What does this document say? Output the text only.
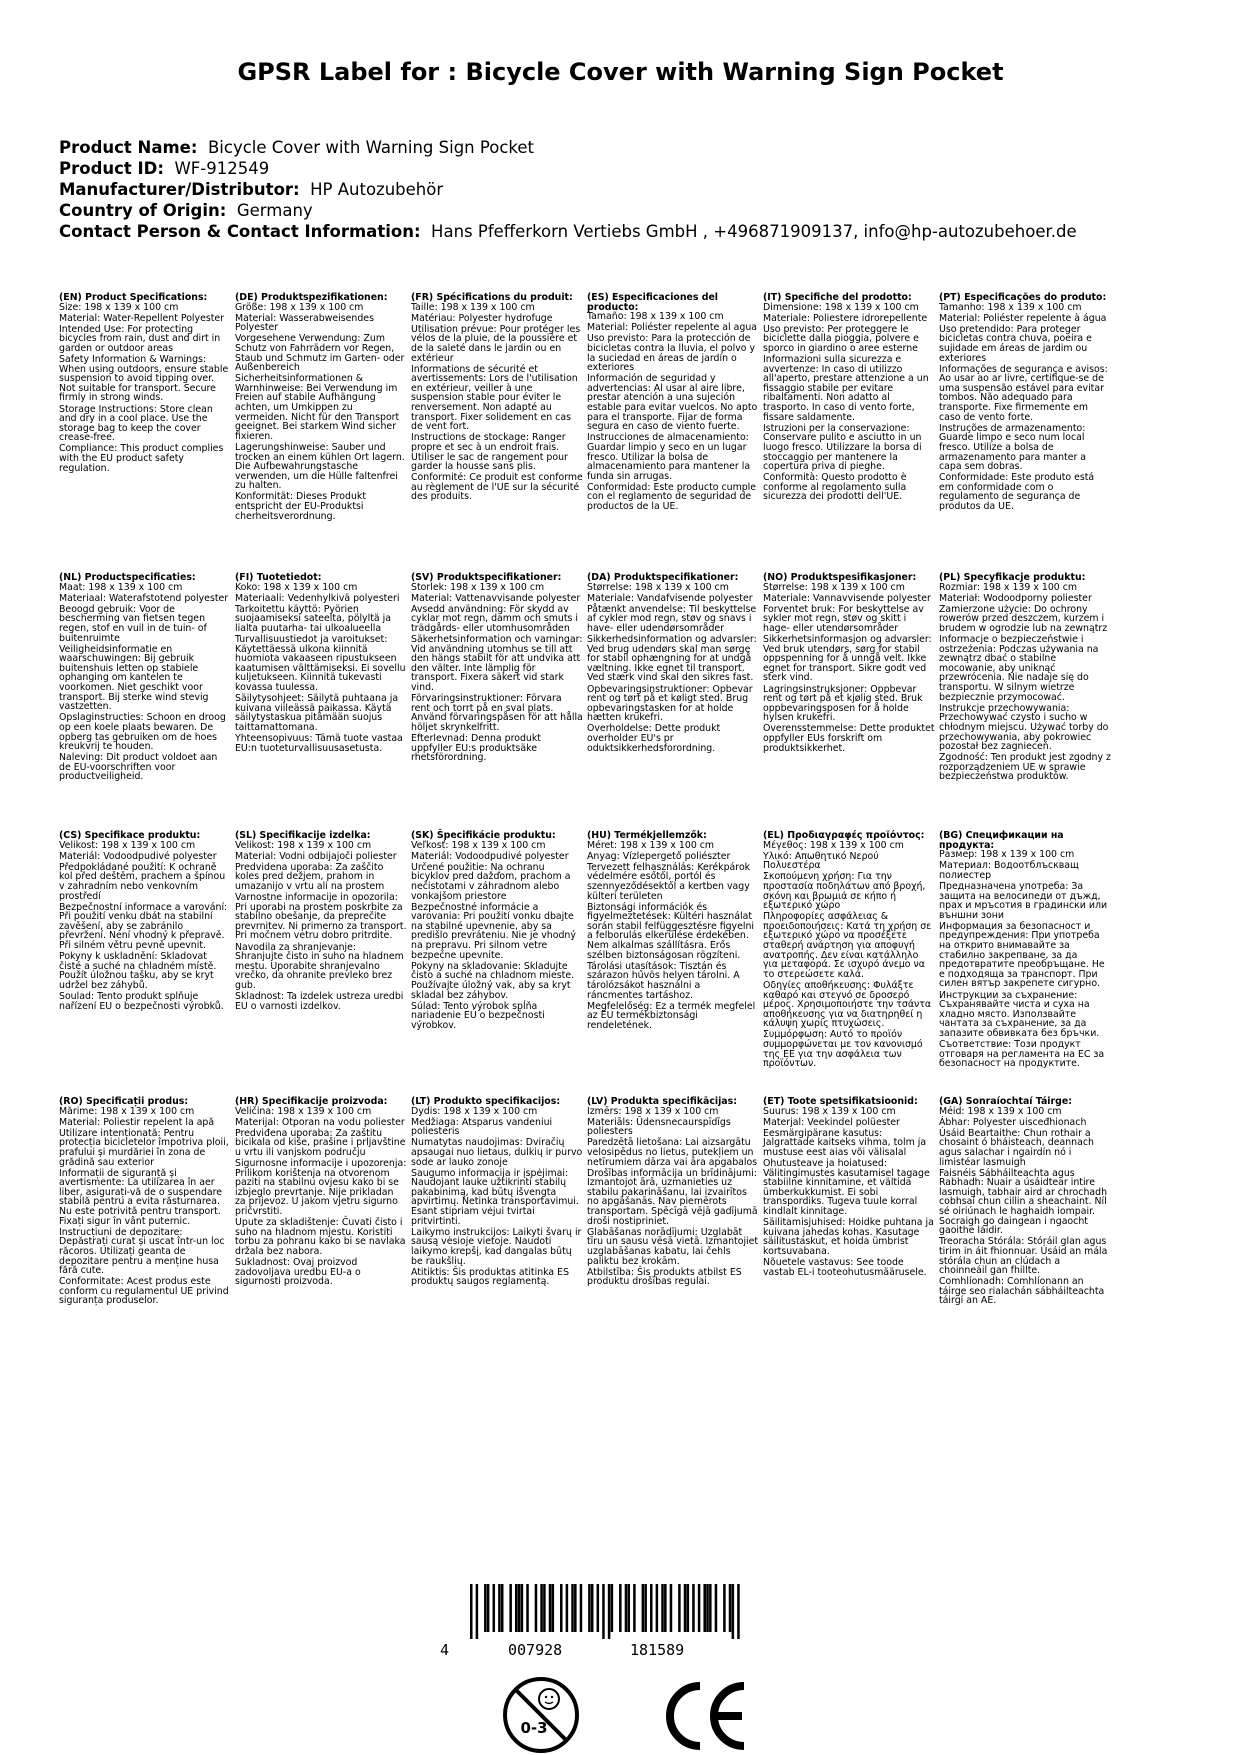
GPSR Label for : Bicycle Cover with Warning Sign Pocket
Product Name: Bicycle Cover with Warning Sign Pocket
Product ID: WF-912549
Manufacturer/Distributor: HP Autozubehör
Country of Origin: Germany
Contact Person & Contact Information: Hans Pfefferkorn Vertiebs GmbH , +496871909137, info@hp-autozubehoer.de
(EN) Product Specifications:

Size: 198 x 139 x 100 cm

Material: Water-Repellent Polyester

Intended Use: For protecting bicycles from rain, dust and dirt in garden or outdoor areas

Safety Information & Warnings: When using outdoors, ensure stable suspension to avoid tipping over. Not suitable for transport. Secure firmly in strong winds.

Storage Instructions: Store clean and dry in a cool place. Use the storage bag to keep the cover crease-free.

Compliance: This product complies with the EU product safety regulation.

(DE) Produktspezifikationen:

Größe: 198 x 139 x 100 cm

Material: Wasserabweisendes Polyester

Vorgesehene Verwendung: Zum Schutz von Fahrrädern vor Regen, Staub und Schmutz im Garten- oder Außenbereich

Sicherheitsinformationen & Warnhinweise: Bei Verwendung im Freien auf stabile Aufhängung achten, um Umkippen zu vermeiden. Nicht für den Transport geeignet. Bei starkem Wind sicher fixieren.

Lagerungshinweise: Sauber und trocken an einem kühlen Ort lagern. Die Aufbewahrungstasche verwenden, um die Hülle faltenfrei zu halten.

Konformität: Dieses Produkt entspricht der EU-Produktsi cherheitsverordnung.

(FR) Spécifications du produit:

Taille: 198 x 139 x 100 cm

Matériau: Polyester hydrofuge

Utilisation prévue: Pour protéger les vélos de la pluie, de la poussière et de la saleté dans le jardin ou en extérieur

Informations de sécurité et avertissements: Lors de l'utilisation en extérieur, veiller à une suspension stable pour éviter le renversement. Non adapté au transport. Fixer solidement en cas de vent fort.

Instructions de stockage: Ranger propre et sec à un endroit frais. Utiliser le sac de rangement pour garder la housse sans plis.

Conformité: Ce produit est conforme au règlement de l'UE sur la sécurité des produits.

(ES) Especificaciones del producto:

Tamaño: 198 x 139 x 100 cm

Material: Poliéster repelente al agua

Uso previsto: Para la protección de bicicletas contra la lluvia, el polvo y la suciedad en áreas de jardín o exteriores

Información de seguridad y advertencias: Al usar al aire libre, prestar atención a una sujeción estable para evitar vuelcos. No apto para el transporte. Fijar de forma segura en caso de viento fuerte.

Instrucciones de almacenamiento: Guardar limpio y seco en un lugar fresco. Utilizar la bolsa de almacenamiento para mantener la funda sin arrugas.

Conformidad: Este producto cumple con el reglamento de seguridad de productos de la UE.

(IT) Specifiche del prodotto:

Dimensione: 198 x 139 x 100 cm

Materiale: Poliestere idrorepellente

Uso previsto: Per proteggere le biciclette dalla pioggia, polvere e sporco in giardino o aree esterne

Informazioni sulla sicurezza e avvertenze: In caso di utilizzo all'aperto, prestare attenzione a un fissaggio stabile per evitare ribaltamenti. Non adatto al trasporto. In caso di vento forte, fissare saldamente.

Istruzioni per la conservazione: Conservare pulito e asciutto in un luogo fresco. Utilizzare la borsa di stoccaggio per mantenere la copertura priva di pieghe.

Conformità: Questo prodotto è conforme al regolamento sulla sicurezza dei prodotti dell'UE.

(PT) Especificações do produto:

Tamanho: 198 x 139 x 100 cm

Material: Poliéster repelente à água

Uso pretendido: Para proteger bicicletas contra chuva, poeira e sujidade em áreas de jardim ou exteriores

Informações de segurança e avisos: Ao usar ao ar livre, certifique-se de uma suspensão estável para evitar tombos. Não adequado para transporte. Fixe firmemente em caso de vento forte.

Instruções de armazenamento: Guarde limpo e seco num local fresco. Utilize a bolsa de armazenamento para manter a capa sem dobras.

Conformidade: Este produto está em conformidade com o regulamento de segurança de produtos da UE.

(NL) Productspecificaties:

Maat: 198 x 139 x 100 cm

Materiaal: Waterafstotend polyester

Beoogd gebruik: Voor de bescherming van fietsen tegen regen, stof en vuil in de tuin- of buitenruimte

Veiligheidsinformatie en waarschuwingen: Bij gebruik buitenshuis letten op stabiele ophanging om kantelen te voorkomen. Niet geschikt voor transport. Bij sterke wind stevig vastzetten.

Opslaginstructies: Schoon en droog op een koele plaats bewaren. De opberg tas gebruiken om de hoes kreukvrij te houden.

Naleving: Dit product voldoet aan de EU-voorschriften voor productveiligheid.

(FI) Tuotetiedot:

Koko: 198 x 139 x 100 cm

Materiaali: Vedenhylkivä polyesteri

Tarkoitettu käyttö: Pyörien suojaamiseksi sateelta, pölyltä ja lialta puutarha- tai ulkoalueella

Turvallisuustiedot ja varoitukset: Käytettäessä ulkona kiinnitä huomiota vakaaseen ripustukseen kaatumisen välttämiseksi. Ei sovellu kuljetukseen. Kiinnitä tukevasti kovassa tuulessa.

Säilytysohjeet: Säilytä puhtaana ja kuivana viileässä paikassa. Käytä säilytystaskua pitämään suojus taittamattomana.

Yhteensopivuus: Tämä tuote vastaa EU:n tuoteturvallisuusasetusta.

(SV) Produktspecifikationer:

Storlek: 198 x 139 x 100 cm

Material: Vattenavvisande polyester

Avsedd användning: För skydd av cyklar mot regn, damm och smuts i trädgårds- eller utomhusområden

Säkerhetsinformation och varningar: Vid användning utomhus se till att den hängs stabilt för att undvika att den välter. Inte lämplig för transport. Fixera säkert vid stark vind.

Förvaringsinstruktioner: Förvara rent och torrt på en sval plats. Använd förvaringspåsen för att hålla höljet skrynkelfritt.

Efterlevnad: Denna produkt uppfyller EU:s produktsäke rhetsförordning.

(DA) Produktspecifikationer:

Størrelse: 198 x 139 x 100 cm

Materiale: Vandafvisende polyester

Påtænkt anvendelse: Til beskyttelse af cykler mod regn, støv og snavs i have- eller udendørsområder

Sikkerhedsinformation og advarsler: Ved brug udendørs skal man sørge for stabil ophængning for at undgå væltning. Ikke egnet til transport. Ved stærk vind skal den sikres fast.

Opbevaringsinstruktioner: Opbevar rent og tørt på et køligt sted. Brug opbevaringstasken for at holde hætten krukefri.

Overholdelse: Dette produkt overholder EU's pr oduktsikkerhedsforordning.

(NO) Produktspesifikasjoner:

Størrelse: 198 x 139 x 100 cm

Materiale: Vannavvisende polyester

Forventet bruk: For beskyttelse av sykler mot regn, støv og skitt i hage- eller utendørsområder

Sikkerhetsinformasjon og advarsler: Ved bruk utendørs, sørg for stabil oppspenning for å unngå velt. Ikke egnet for transport. Sikre godt ved sterk vind.

Lagringsinstruksjoner: Oppbevar rent og tørt på et kjølig sted. Bruk oppbevaringsposen for å holde hylsen krukefri.

Overensstemmelse: Dette produktet oppfyller EUs forskrift om produktsikkerhet.

(PL) Specyfikacje produktu:

Rozmiar: 198 x 139 x 100 cm

Materiał: Wodoodporny poliester

Zamierzone użycie: Do ochrony rowerów przed deszczem, kurzem i brudem w ogrodzie lub na zewnątrz

Informacje o bezpieczeństwie i ostrzeżenia: Podczas używania na zewnątrz dbać o stabilne mocowanie, aby uniknąć przewrócenia. Nie nadaje się do transportu. W silnym wietrze bezpiecznie przymocować.

Instrukcje przechowywania: Przechowywać czysto i sucho w chłodnym miejscu. Używać torby do przechowywania, aby pokrowiec pozostał bez zagnieceń.

Zgodność: Ten produkt jest zgodny z rozporządzeniem UE w sprawie bezpieczeństwa produktów.

(CS) Specifikace produktu:

Velikost: 198 x 139 x 100 cm

Materiál: Vodoodpudivé polyester

Předpokládané použití: K ochraně kol před deštěm, prachem a špínou v zahradním nebo venkovním prostředí

Bezpečnostní informace a varování: Při použití venku dbát na stabilní zavěšení, aby se zabránilo převržení. Není vhodný k přepravě. Při silném větru pevně upevnit.

Pokyny k uskladnění: Skladovat čisté a suché na chladném místě. Použít úložnou tašku, aby se kryt udržel bez záhybů.

Soulad: Tento produkt splňuje nařízení EU o bezpečnosti výrobků.

(SL) Specifikacije izdelka:

Velikost: 198 x 139 x 100 cm

Material: Vodni odbijajoči poliester

Predvidena uporaba: Za zaščito koles pred dežjem, prahom in umazanijo v vrtu ali na prostem

Varnostne informacije in opozorila: Pri uporabi na prostem poskrbite za stabilno obešanje, da preprečite prevrnitev. Ni primerno za transport. Pri močnem vetru dobro pritrdite.

Navodila za shranjevanje: Shranjujte čisto in suho na hladnem mestu. Uporabite shranjevalno vrečko, da ohranite prevleko brez gub.

Skladnost: Ta izdelek ustreza uredbi EU o varnosti izdelkov.

(SK) Špecifikácie produktu:

Veľkosť: 198 x 139 x 100 cm

Materiál: Vodoodpudivé polyester

Určené použitie: Na ochranu bicyklov pred dažďom, prachom a nečistotami v záhradnom alebo vonkajšom priestore

Bezpečnostné informácie a varovania: Pri použití vonku dbajte na stabilné upevnenie, aby sa predišlo prevráteniu. Nie je vhodný na prepravu. Pri silnom vetre bezpečne upevnite.

Pokyny na skladovanie: Skladujte čisto a suché na chladnom mieste. Používajte úložný vak, aby sa kryt skladal bez záhybov.

Súlad: Tento výrobok spĺňa nariadenie EÚ o bezpečnosti výrobkov.

(HU) Termékjellemzők:

Méret: 198 x 139 x 100 cm

Anyag: Vízlepergető poliészter

Tervezett felhasználás: Kerékpárok védelmére esőtől, portól és szennyeződésektől a kertben vagy külteri területen

Biztonsági információk és figyelmeztetések: Kültéri használat során stabil felfüggesztésre figyelni a felborulás elkerülése érdekében. Nem alkalmas szállításra. Erős szélben biztonságosan rögzíteni.

Tárolási utasítások: Tisztán és szárazon hűvös helyen tárolni. A tárolózsákot használni a ráncmentes tartáshoz.

Megfelelőség: Ez a termék megfelel az EU termékbiztonsági rendeletének.

(EL) Προδιαγραφές προϊόντος:

Μέγεθος: 198 x 139 x 100 cm

Υλικό: Απωθητικό Νερού Πολυεστέρα

Σκοπούμενη χρήση: Για την προστασία ποδηλάτων από βροχή, σκόνη και βρωμιά σε κήπο ή εξωτερικό χώρο

Πληροφορίες ασφάλειας & προειδοποιήσεις: Κατά τη χρήση σε εξωτερικό χώρο να προσέξετε σταθερή ανάρτηση για αποφυγή ανατροπής. Δεν είναι κατάλληλο για μεταφορά. Σε ισχυρό άνεμο να το στερεώσετε καλά.

Οδηγίες αποθήκευσης: Φυλάξτε καθαρό και στεγνό σε δροσερό μέρος. Χρησιμοποιήστε την τσάντα αποθήκευσης για να διατηρηθεί η κάλυψη χωρίς πτυχώσεις.

Συμμόρφωση: Αυτό το προϊόν συμμορφώνεται με τον κανονισμό της ΕΕ για την ασφάλεια των προϊόντων.

(BG) Спецификации на продукта:

Размер: 198 x 139 x 100 cm

Материал: Водоотблъскващ полиестер

Предназначена употреба: За защита на велосипеди от дъжд, прах и мръсотия в градински или външни зони

Информация за безопасност и предупреждения: При употреба на открито внимавайте за стабилно закрепване, за да предотвратите преобръщане. Не е подходяща за транспорт. При силен вятър закрепете сигурно.

Инструкции за съхранение: Съхранявайте чиста и суха на хладно място. Използвайте чантата за съхранение, за да запазите обвивката без бръчки.

Съответствие: Този продукт отговаря на регламента на ЕС за безопасност на продуктите.

(RO) Specificații produs:

Mărime: 198 x 139 x 100 cm

Material: Poliestir repelent la apă

Utilizare intenționată: Pentru protecția bicicletelor împotriva ploii, prafului și murdăriei în zona de grădină sau exterior

Informații de siguranță și avertismente: La utilizarea în aer liber, asigurați-vă de o suspendare stabilă pentru a evita răsturnarea. Nu este potrivită pentru transport. Fixați sigur în vânt puternic.

Instrucțiuni de depozitare: Depăstrați curat și uscat într-un loc răcoros. Utilizați geanta de depozitare pentru a menține husa fără cute.

Conformitate: Acest produs este conform cu regulamentul UE privind siguranța produselor.

(HR) Specifikacije proizvoda:

Veličina: 198 x 139 x 100 cm

Materijal: Otporan na vodu poliester

Predviđena uporaba: Za zaštitu bicikala od kiše, prašine i prljavštine u vrtu ili vanjskom području

Sigurnosne informacije i upozorenja: Prilikom korištenja na otvorenom paziti na stabilnu ovjesu kako bi se izbjeglo prevrtanje. Nije prikladan za prijevoz. U jakom vjetru sigurno pričvrstiti.

Upute za skladištenje: Čuvati čisto i suho na hladnom mjestu. Koristiti torbu za pohranu kako bi se navlaka držala bez nabora.

Sukladnost: Ovaj proizvod zadovoljava uredbu EU-a o sigurnosti proizvoda.

(LT) Produkto specifikacijos:

Dydis: 198 x 139 x 100 cm

Medžiaga: Atsparus vandeniui poliesteris

Numatytas naudojimas: Dviračių apsaugai nuo lietaus, dulkių ir purvo sode ar lauko zonoje

Saugumo informacija ir įspėjimai: Naudojant lauke užtikrinti stabilų pakabinimą, kad būtų išvengta apvirtimų. Netinka transportavimui. Esant stipriam vėjui tvirtai pritvirtinti.

Laikymo instrukcijos: Laikyti švarų ir sausą vėsioje vietoje. Naudoti laikymo krepšį, kad dangalas būtų be raukšlių.

Atitiktis: Šis produktas atitinka ES produktų saugos reglamentą.

(LV) Produkta specifikācijas:

Izmērs: 198 x 139 x 100 cm

Materiāls: Ūdensnecaurspīdīgs poliesters

Paredzētā lietošana: Lai aizsargātu velosipēdus no lietus, putekļiem un netīrumiem dārza vai āra apgabalos

Drošības informācija un brīdinājumi: Izmantojot ārā, uzmanieties uz stabilu pakarināšanu, lai izvairītos no apgāšanās. Nav piemērots transportam. Spēcīgā vējā gadījumā droši nostipriniet.

Glabāšanas norādījumi: Uzglabāt tīru un sausu vēsā vietā. Izmantojiet uzglabāšanas kabatu, lai čehls paliktu bez krokām.

Atbilstība: Šis produkts atbilst ES produktu drošības regulai.

(ET) Toote spetsifikatsioonid:

Suurus: 198 x 139 x 100 cm

Materjal: Veekindel polüester

Eesmärgipärane kasutus: Jalgrattade kaitseks vihma, tolm ja mustuse eest aias või välisalal

Ohutusteave ja hoiatused: Välitingimustes kasutamisel tagage stabiilne kinnitamine, et vältida ümberkukkumist. Ei sobi transpordiks. Tugeva tuule korral kindlalt kinnitage.

Säilitamisjuhised: Hoidke puhtana ja kuivana jahedas kohas. Kasutage säilitustaskut, et hoida ümbrist kortsuvabana.

Nõuetele vastavus: See toode vastab EL-i tooteohutusmäärusele.

(GA) Sonraíochtaí Táirge:

Méid: 198 x 139 x 100 cm

Ábhar: Polyester uisceđhionach

Úsáid Beartaithe: Chun rothair a chosaint ó bháisteach, deannach agus salachar i ngairdín nó i limistéar lasmuigh

Faisnéis Sábháilteachta agus Rabhadh: Nuair a úsáidtear intire lasmuigh, tabhair aird ar chrochadh cobhsaí chun cillin a sheachaint. Níl sé oiriúnach le haghaidh iompair. Socraigh go daingean i ngaocht gaoithe láidir.

Treoracha Stórála: Stóráil glan agus tirim in áit fhionnuar. Úsáid an mála stórála chun an clúdach a choinneáil gan fhillte.

Comhlíonadh: Comhlíonann an táirge seo rialachán sábháilteachta táirgí an AE.

4	007928	181589
0-3
